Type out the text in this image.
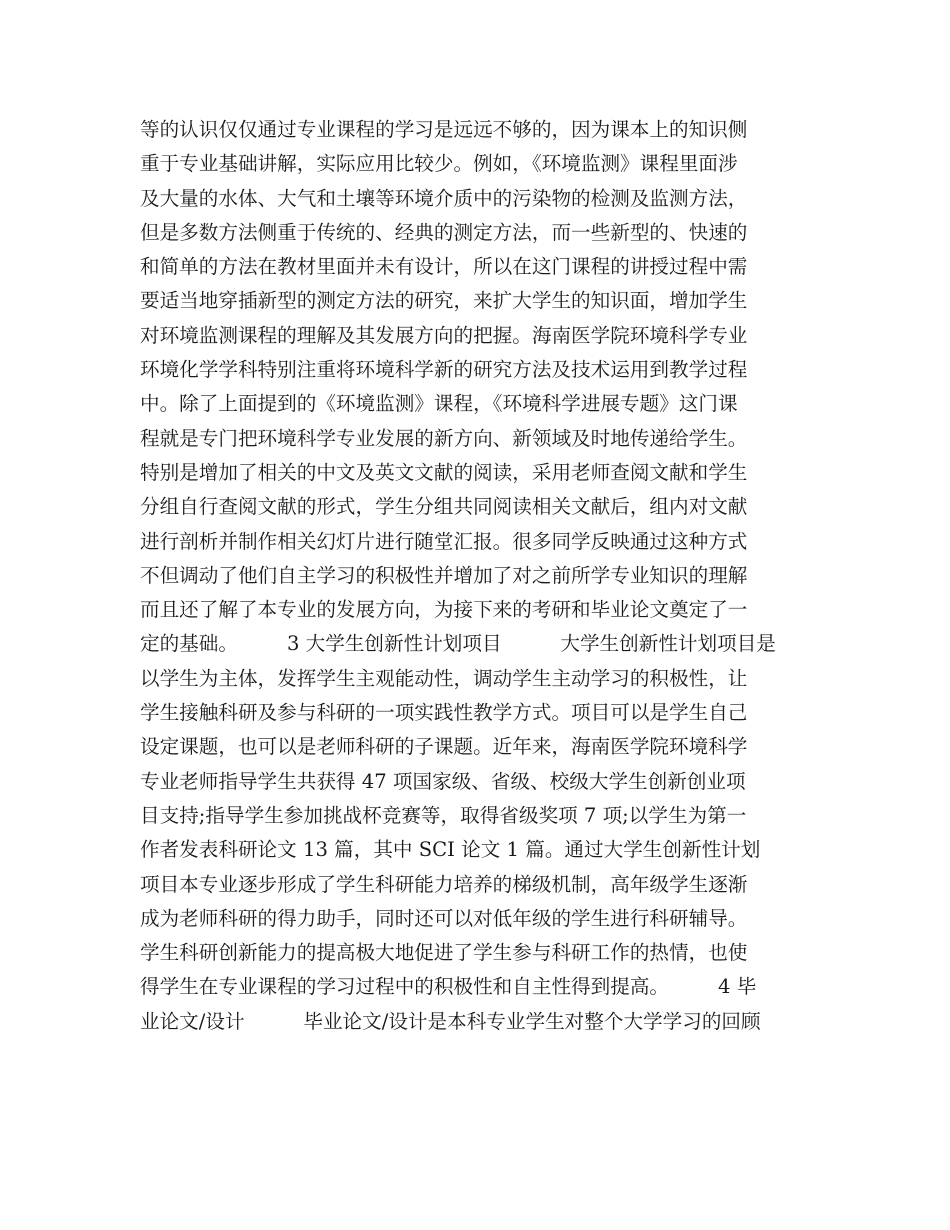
等的认识仅仅通过专业课程的学习是远远不够的，因为课本上的知识侧
重于专业基础讲解，实际应用比较少。例如，《环境监测》课程里面涉
及大量的水体、大气和土壤等环境介质中的污染物的检测及监测方法，
但是多数方法侧重于传统的、经典的测定方法，而一些新型的、快速的
和简单的方法在教材里面并未有设计，所以在这门课程的讲授过程中需
要适当地穿插新型的测定方法的研究，来扩大学生的知识面，增加学生
对环境监测课程的理解及其发展方向的把握。海南医学院环境科学专业
环境化学学科特别注重将环境科学新的研究方法及技术运用到教学过程
中。除了上面提到的《环境监测》课程，《环境科学进展专题》这门课
程就是专门把环境科学专业发展的新方向、新领域及时地传递给学生。
特别是增加了相关的中文及英文文献的阅读，采用老师查阅文献和学生
分组自行查阅文献的形式，学生分组共同阅读相关文献后，组内对文献
进行剖析并制作相关幻灯片进行随堂汇报。很多同学反映通过这种方式
不但调动了他们自主学习的积极性并增加了对之前所学专业知识的理解
而且还了解了本专业的发展方向，为接下来的考研和毕业论文奠定了一
定的基础。　　　3 大学生创新性计划项目　　　大学生创新性计划项目是
以学生为主体，发挥学生主观能动性，调动学生主动学习的积极性，让
学生接触科研及参与科研的一项实践性教学方式。项目可以是学生自己
设定课题，也可以是老师科研的子课题。近年来，海南医学院环境科学
专业老师指导学生共获得 47 项国家级、省级、校级大学生创新创业项
目支持;指导学生参加挑战杯竞赛等，取得省级奖项 7 项;以学生为第一
作者发表科研论文 13 篇，其中 SCI 论文 1 篇。通过大学生创新性计划
项目本专业逐步形成了学生科研能力培养的梯级机制，高年级学生逐渐
成为老师科研的得力助手，同时还可以对低年级的学生进行科研辅导。
学生科研创新能力的提高极大地促进了学生参与科研工作的热情，也使
得学生在专业课程的学习过程中的积极性和自主性得到提高。　　　4 毕
业论文/设计　　　毕业论文/设计是本科专业学生对整个大学学习的回顾
